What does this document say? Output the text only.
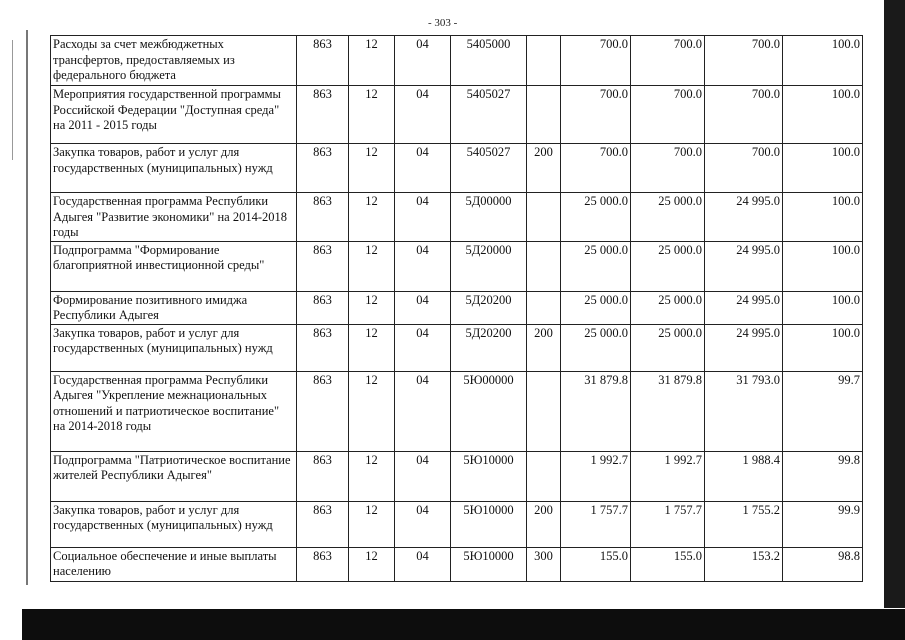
- 303 -
Расходы за счет межбюджетных трансфертов, предоставляемых из федерального бюджета	863	12	04	5405000		700.0	700.0	700.0	100.0
Мероприятия государственной программы Российской Федерации "Доступная среда" на 2011 - 2015 годы	863	12	04	5405027		700.0	700.0	700.0	100.0
Закупка товаров, работ и услуг для государственных (муниципальных) нужд	863	12	04	5405027	200	700.0	700.0	700.0	100.0
Государственная программа Республики Адыгея "Развитие экономики" на 2014-2018 годы	863	12	04	5Д00000		25 000.0	25 000.0	24 995.0	100.0
Подпрограмма "Формирование благоприятной инвестиционной среды"	863	12	04	5Д20000		25 000.0	25 000.0	24 995.0	100.0
Формирование позитивного имиджа Республики Адыгея	863	12	04	5Д20200		25 000.0	25 000.0	24 995.0	100.0
Закупка товаров, работ и услуг для государственных (муниципальных) нужд	863	12	04	5Д20200	200	25 000.0	25 000.0	24 995.0	100.0
Государственная программа Республики Адыгея "Укрепление межнациональных отношений и патриотическое воспитание" на 2014-2018 годы	863	12	04	5Ю00000		31 879.8	31 879.8	31 793.0	99.7
Подпрограмма "Патриотическое воспитание жителей Республики Адыгея"	863	12	04	5Ю10000		1 992.7	1 992.7	1 988.4	99.8
Закупка товаров, работ и услуг для государственных (муниципальных) нужд	863	12	04	5Ю10000	200	1 757.7	1 757.7	1 755.2	99.9
Социальное обеспечение и иные выплаты населению	863	12	04	5Ю10000	300	155.0	155.0	153.2	98.8
